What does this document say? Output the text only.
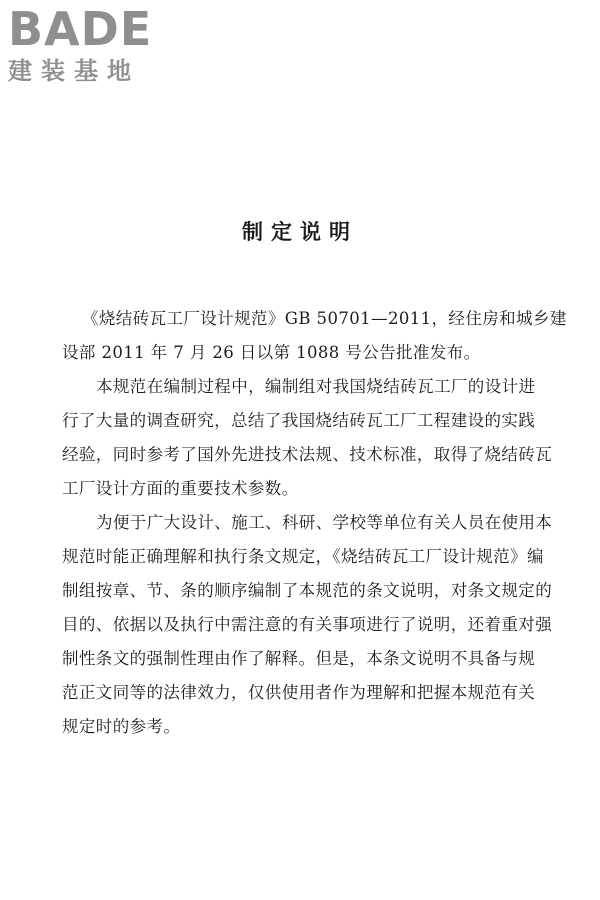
BADE
建装基地
制定说明
《烧结砖瓦工厂设计规范》GB 50701—2011，经住房和城乡建
设部 2011 年 7 月 26 日以第 1088 号公告批准发布。
本规范在编制过程中，编制组对我国烧结砖瓦工厂的设计进
行了大量的调查研究，总结了我国烧结砖瓦工厂工程建设的实践
经验，同时参考了国外先进技术法规、技术标准，取得了烧结砖瓦
工厂设计方面的重要技术参数。
为便于广大设计、施工、科研、学校等单位有关人员在使用本
规范时能正确理解和执行条文规定，《烧结砖瓦工厂设计规范》编
制组按章、节、条的顺序编制了本规范的条文说明，对条文规定的
目的、依据以及执行中需注意的有关事项进行了说明，还着重对强
制性条文的强制性理由作了解释。但是，本条文说明不具备与规
范正文同等的法律效力，仅供使用者作为理解和把握本规范有关
规定时的参考。
